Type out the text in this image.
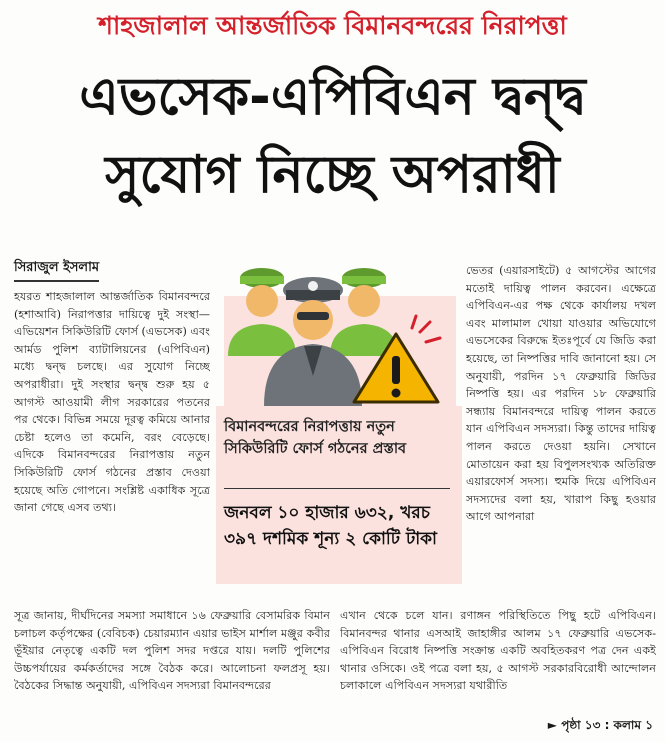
শাহজালাল আন্তর্জাতিক বিমানবন্দরের নিরাপত্তা
এভসেক-এপিবিএন দ্বন্দ্ব
সুযোগ নিচ্ছে অপরাধী
সিরাজুল ইসলাম

হযরত শাহজালাল আন্তর্জাতিক বিমানবন্দরে (হশাআবি) নিরাপত্তার দায়িত্বে দুই সংস্থা—এভিয়েশন সিকিউরিটি ফোর্স (এভসেক) এবং আর্মড পুলিশ ব্যাটালিয়নের (এপিবিএন) মধ্যে দ্বন্দ্ব চলছে। এর সুযোগ নিচ্ছে অপরাধীরা। দুই সংস্থার দ্বন্দ্ব শুরু হয় ৫ আগস্ট আওয়ামী লীগ সরকারের পতনের পর থেকে। বিভিন্ন সময়ে দূরত্ব কমিয়ে আনার চেষ্টা হলেও তা কমেনি, বরং বেড়েছে। এদিকে বিমানবন্দরের নিরাপত্তায় নতুন সিকিউরিটি ফোর্স গঠনের প্রস্তাব দেওয়া হয়েছে অতি গোপনে। সংশ্লিষ্ট একাধিক সূত্রে জানা গেছে এসব তথ্য।

বিমানবন্দরের নিরাপত্তায় নতুন সিকিউরিটি ফোর্স গঠনের প্রস্তাব
জনবল ১০ হাজার ৬৩২, খরচ ৩৯৭ দশমিক শূন্য ২ কোটি টাকা

ভেতর (এয়ারসাইটে) ৫ আগস্টের আগের মতোই দায়িত্ব পালন করবেন। এক্ষেত্রে এপিবিএন-এর পক্ষ থেকে কার্যালয় দখল এবং মালামাল খোয়া যাওয়ার অভিযোগে এভসেকের বিরুদ্ধে ইতঃপূর্বে যে জিডি করা হয়েছে, তা নিষ্পত্তির দাবি জানানো হয়। সে অনুযায়ী, পরদিন ১৭ ফেব্রুয়ারি জিডির নিষ্পত্তি হয়। এর পরদিন ১৮ ফেব্রুয়ারি সন্ধ্যায় বিমানবন্দরে দায়িত্ব পালন করতে যান এপিবিএন সদস্যরা। কিন্তু তাদের দায়িত্ব পালন করতে দেওয়া হয়নি। সেখানে মোতায়েন করা হয় বিপুলসংখ্যক অতিরিক্ত এয়ারফোর্স সদস্য। হুমকি দিয়ে এপিবিএন সদস্যদের বলা হয়, খারাপ কিছু হওয়ার আগে আপনারা

সূত্র জানায়, দীর্ঘদিনের সমস্যা সমাধানে ১৬ ফেব্রুয়ারি বেসামরিক বিমান চলাচল কর্তৃপক্ষের (বেবিচক) চেয়ারম্যান এয়ার ভাইস মার্শাল মঞ্জুর কবীর ভূঁইয়ার নেতৃত্বে একটি দল পুলিশ সদর দপ্তরে যায়। দলটি পুলিশের উচ্চপর্যায়ের কর্মকর্তাদের সঙ্গে বৈঠক করে। আলোচনা ফলপ্রসূ হয়। বৈঠকের সিদ্ধান্ত অনুযায়ী, এপিবিএন সদস্যরা বিমানবন্দরের

এখান থেকে চলে যান। রণাঙ্গন পরিস্থিতিতে পিছু হটে এপিবিএন। বিমানবন্দর থানার এসআই জাহাঙ্গীর আলম ১৭ ফেব্রুয়ারি এভসেক-এপিবিএন বিরোধ নিষ্পত্তি সংক্রান্ত একটি অবহিতকরণ পত্র দেন একই থানার ওসিকে। ওই পত্রে বলা হয়, ৫ আগস্ট সরকারবিরোধী আন্দোলন চলাকালে এপিবিএন সদস্যরা যথারীতি

► পৃষ্ঠা ১৩ : কলাম ১
